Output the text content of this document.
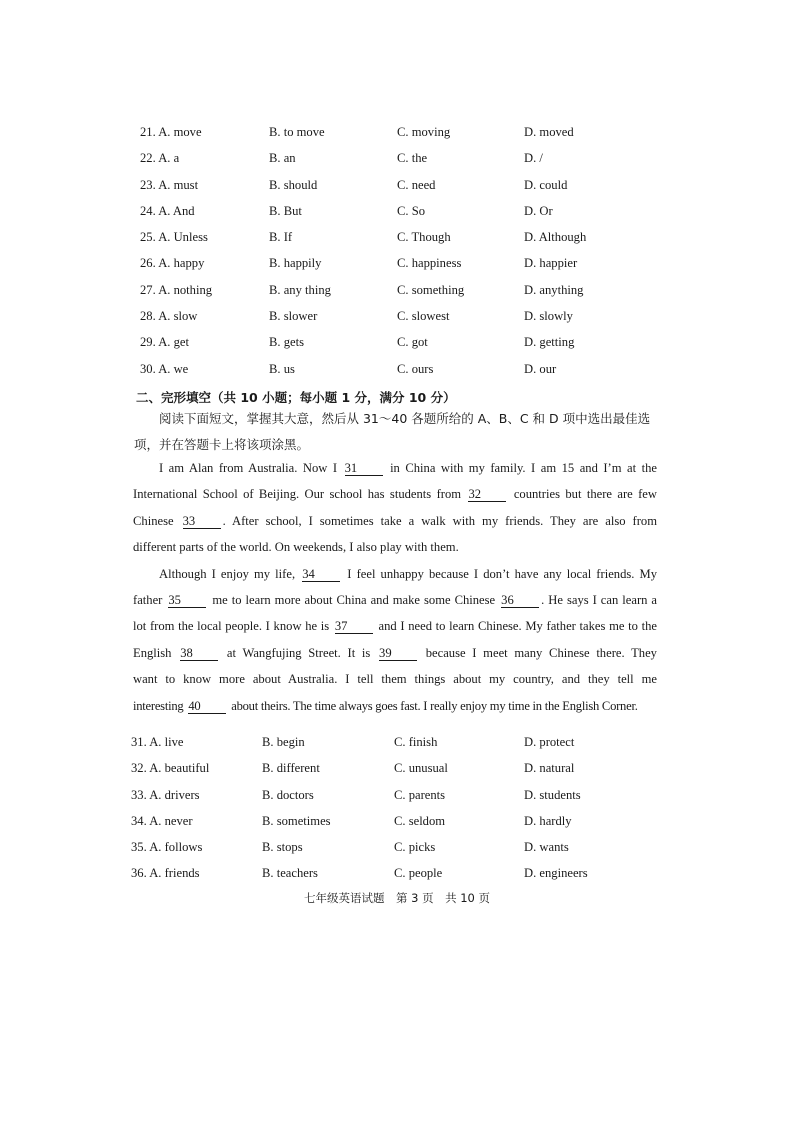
21. A. move	B. to move	C. moving	D. moved
22. A. a	B. an	C. the	D. /
23. A. must	B. should	C. need	D. could
24. A. And	B. But	C. So	D. Or
25. A. Unless	B. If	C. Though	D. Although
26. A. happy	B. happily	C. happiness	D. happier
27. A. nothing	B. any thing	C. something	D. anything
28. A. slow	B. slower	C. slowest	D. slowly
29. A. get	B. gets	C. got	D. getting
30. A. we	B. us	C. ours	D. our
二、完形填空（共 10 小题；每小题 1 分，满分 10 分）
阅读下面短文，掌握其大意，然后从 31～40 各题所给的 A、B、C 和 D 项中选出最佳选
项，并在答题卡上将该项涂黑。
I am Alan from Australia. Now I 31	in China with my family. I am 15 and I’m at the
International School of Beijing. Our school has students from 32	countries but there are few
Chinese 33 . After school, I sometimes take a walk with my friends. They are also from
different parts of the world. On weekends, I also play with them.
Although I enjoy my life, 34	I feel unhappy because I don’t have any local friends. My
father 35 me to learn more about China and make some Chinese 36 . He says I can learn a
lot from the local people. I know he is 37 and I need to learn Chinese. My father takes me to the
English 38	at Wangfujing Street. It is 39	because I meet many Chinese there. They
want to know more about Australia. I tell them things about my country, and they tell me
interesting 40 about theirs. The time always goes fast. I really enjoy my time in the English Corner.
31. A. live	B. begin	C. finish	D. protect
32. A. beautiful	B. different	C. unusual	D. natural
33. A. drivers	B. doctors	C. parents	D. students
34. A. never	B. sometimes	C. seldom	D. hardly
35. A. follows	B. stops	C. picks	D. wants
36. A. friends	B. teachers	C. people	D. engineers
七年级英语试题　第 3 页　共 10 页
